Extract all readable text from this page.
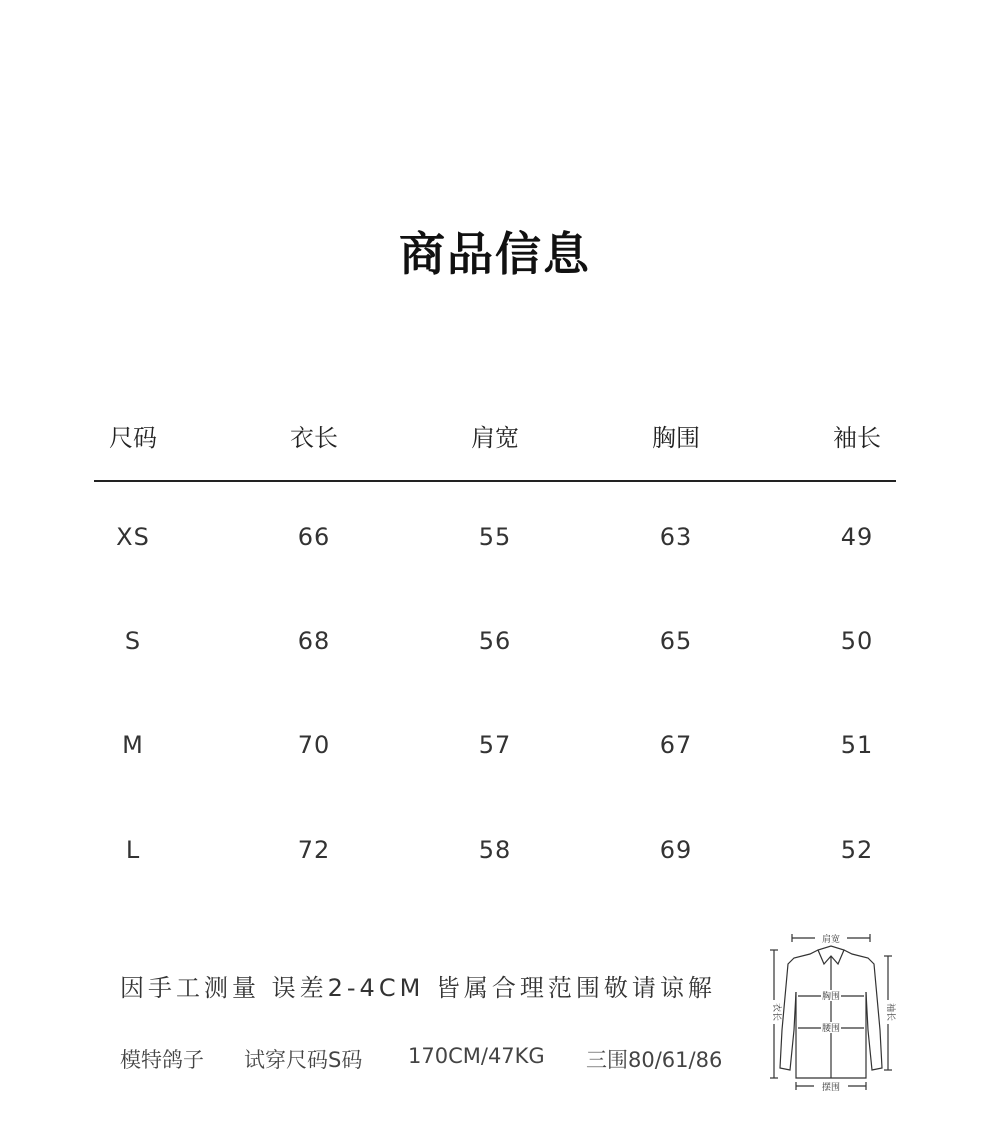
商品信息
尺码	衣长	肩宽	胸围	袖长
XS	66	55	63	49
S	68	56	65	50
M	70	57	67	51
L	72	58	69	52
因手工测量 误差2-4CM 皆属合理范围敬请谅解
模特鸽子 试穿尺码S码 170CM/47KG 三围80/61/86
肩宽
胸围
腰围
摆围
衣长	袖长
